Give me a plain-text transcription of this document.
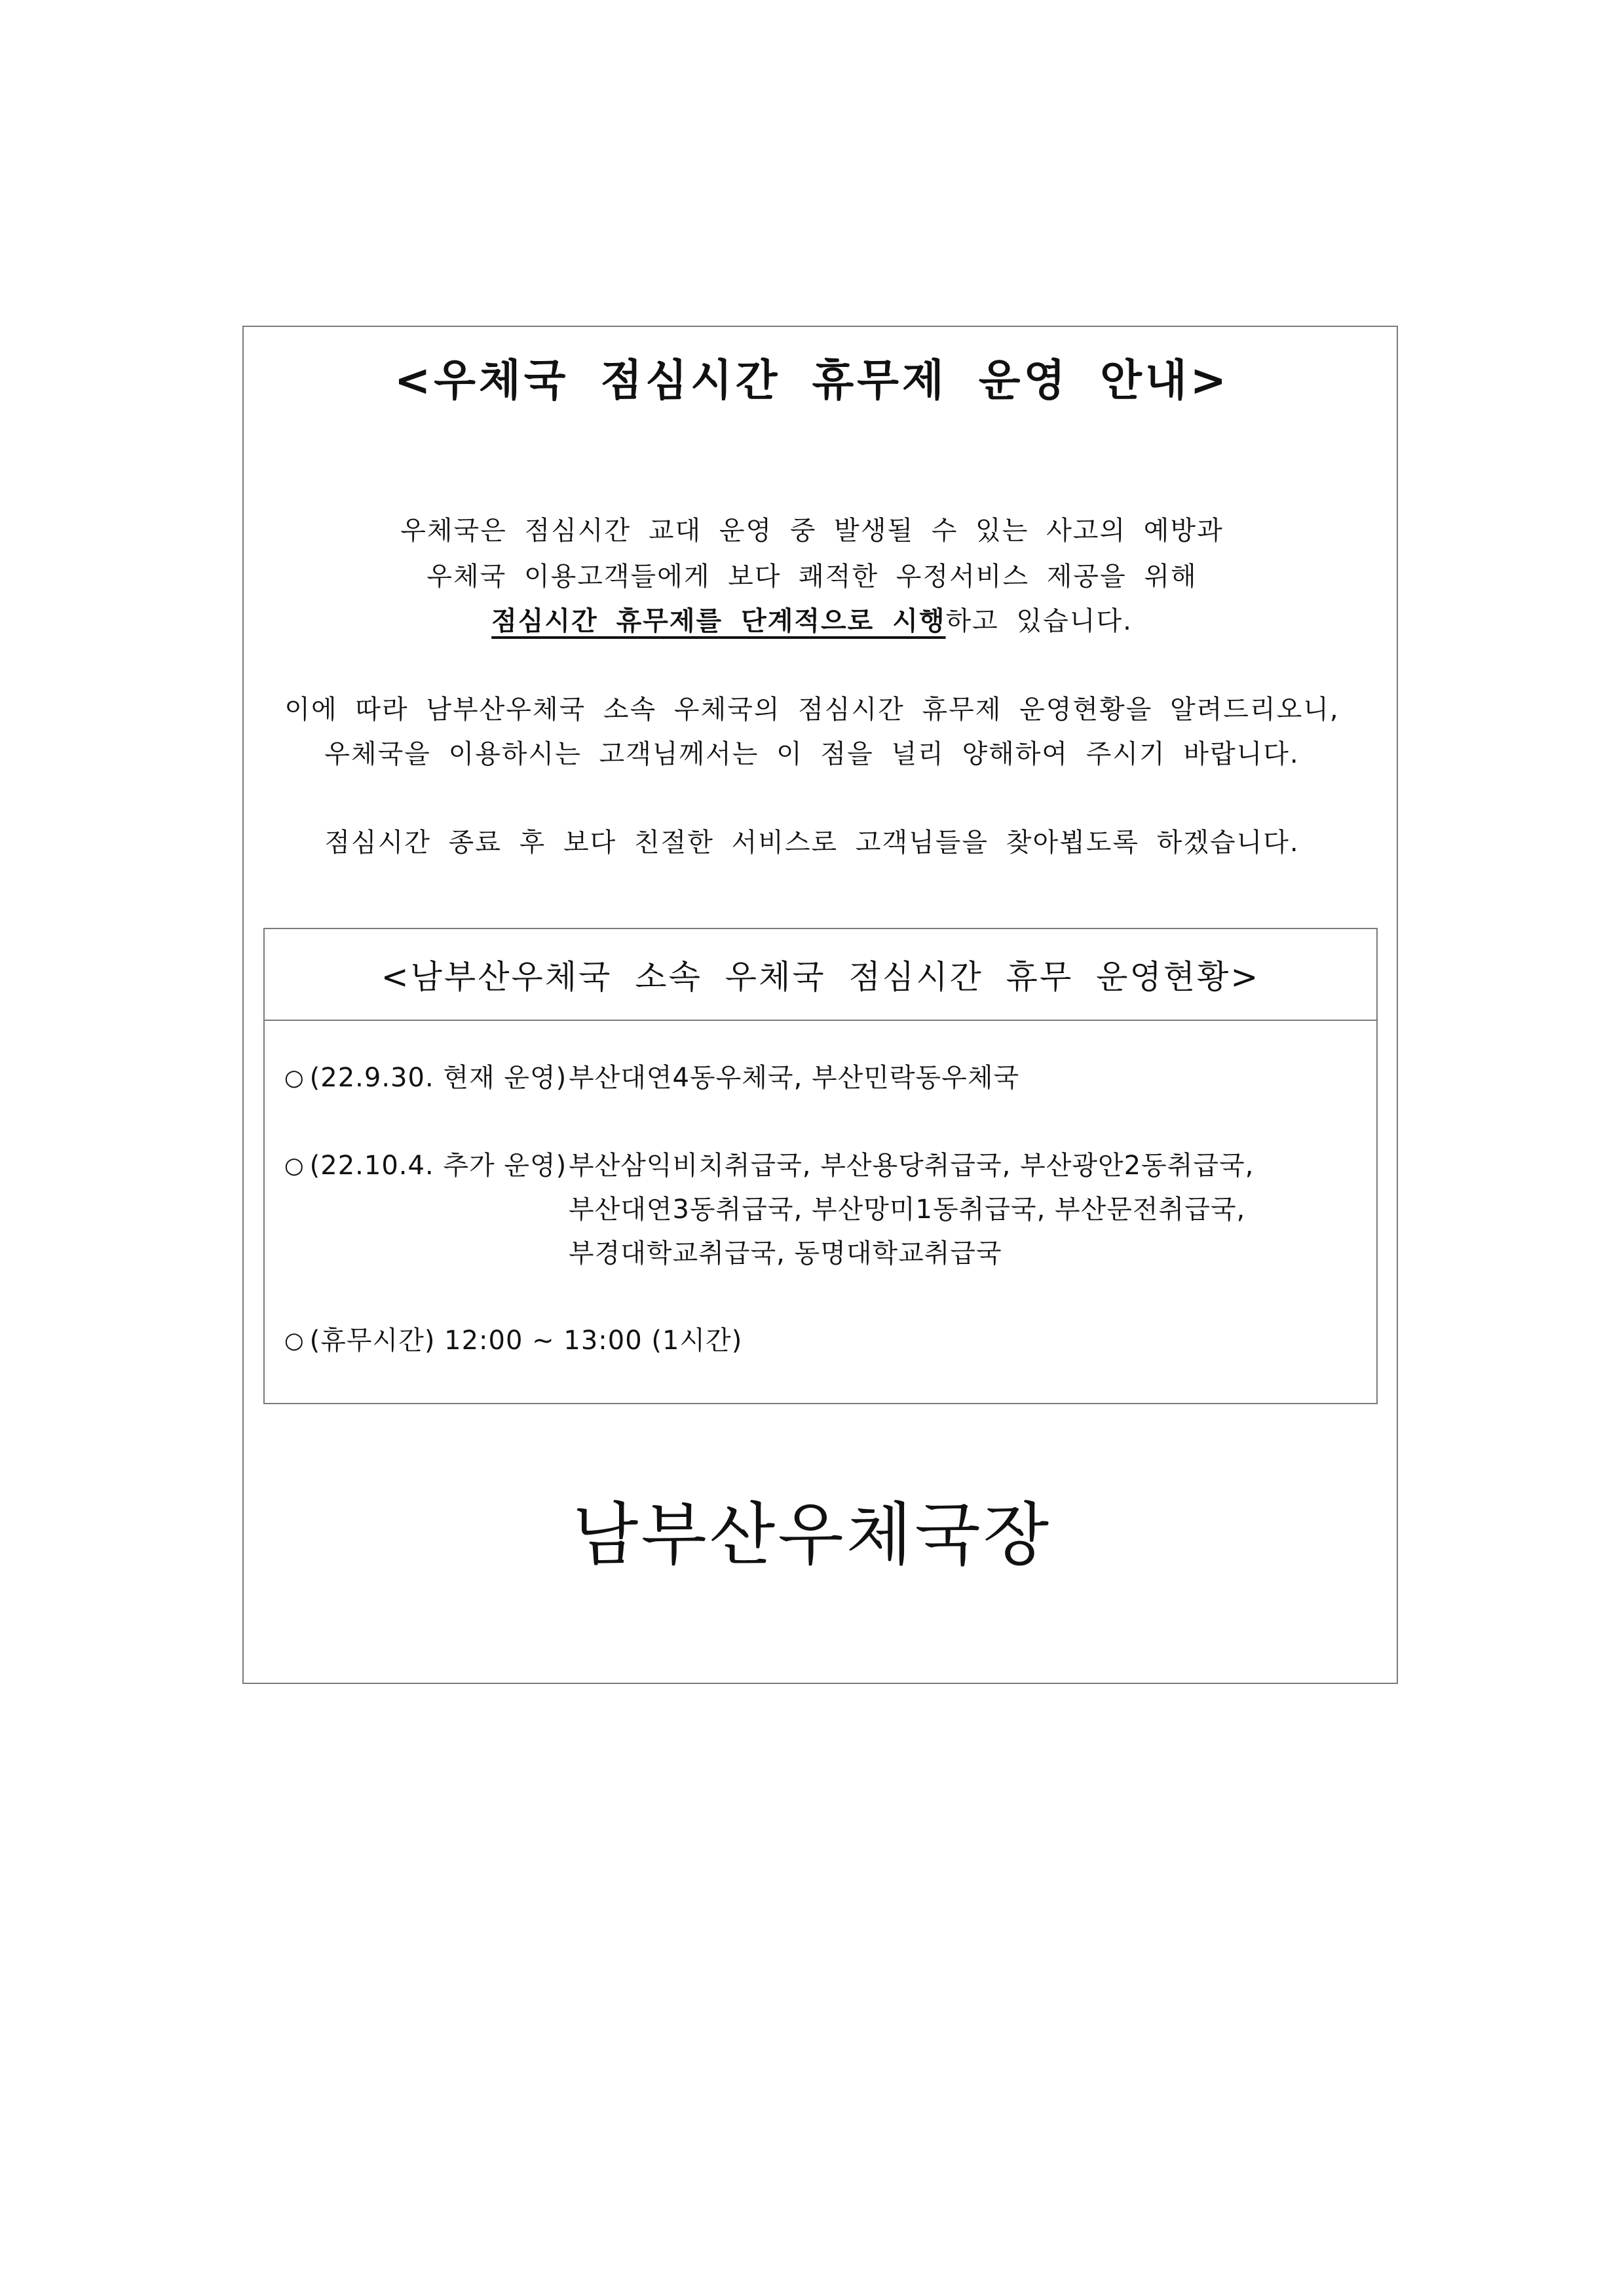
<우체국 점심시간 휴무제 운영 안내>
우체국은 점심시간 교대 운영 중 발생될 수 있는 사고의 예방과
우체국 이용고객들에게 보다 쾌적한 우정서비스 제공을 위해
점심시간 휴무제를 단계적으로 시행하고 있습니다.
이에 따라 남부산우체국 소속 우체국의 점심시간 휴무제 운영현황을 알려드리오니,
우체국을 이용하시는 고객님께서는 이 점을 널리 양해하여 주시기 바랍니다.
점심시간 종료 후 보다 친절한 서비스로 고객님들을 찾아뵙도록 하겠습니다.
<남부산우체국 소속 우체국 점심시간 휴무 운영현황>
○ (22.9.30. 현재 운영) 부산대연4동우체국, 부산민락동우체국
○ (22.10.4. 추가 운영) 부산삼익비치취급국, 부산용당취급국, 부산광안2동취급국,
부산대연3동취급국, 부산망미1동취급국, 부산문전취급국,
부경대학교취급국, 동명대학교취급국
○ (휴무시간) 12:00 ~ 13:00 (1시간)
남부산우체국장
